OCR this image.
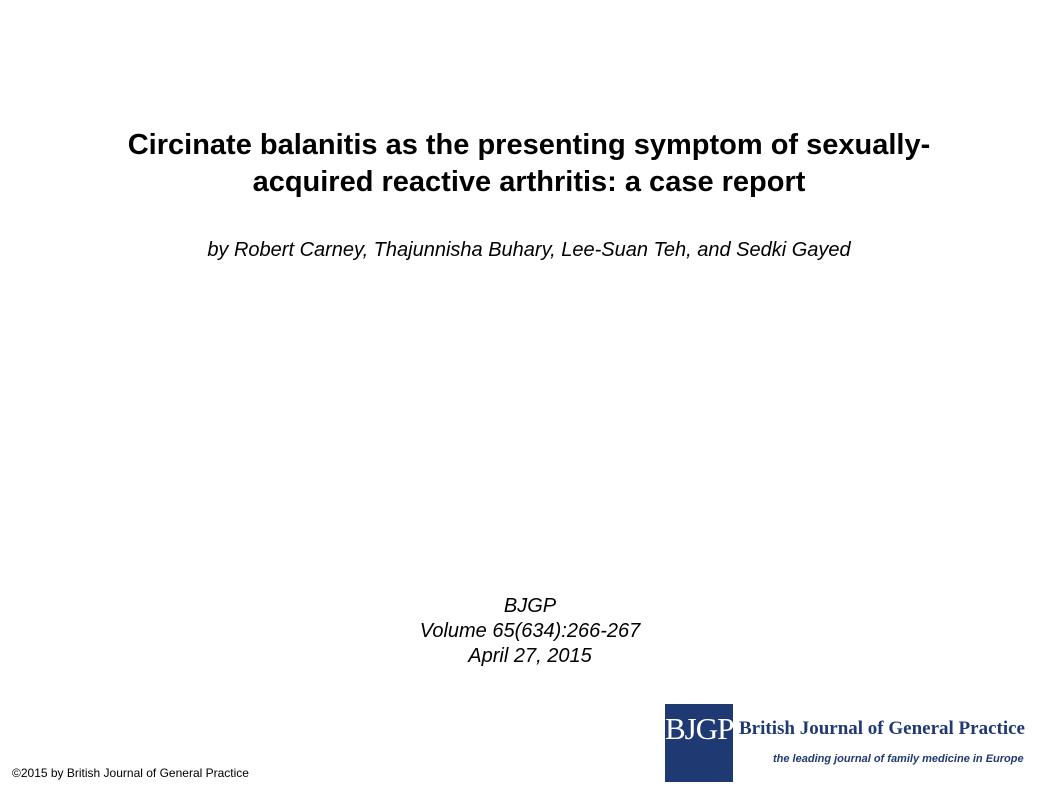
Circinate balanitis as the presenting symptom of sexually-
acquired reactive arthritis: a case report
by Robert Carney, Thajunnisha Buhary, Lee-Suan Teh, and Sedki Gayed
BJGP
Volume 65(634):266-267
April 27, 2015
©2015 by British Journal of General Practice
BJGP British Journal of General Practice
the leading journal of family medicine in Europe
